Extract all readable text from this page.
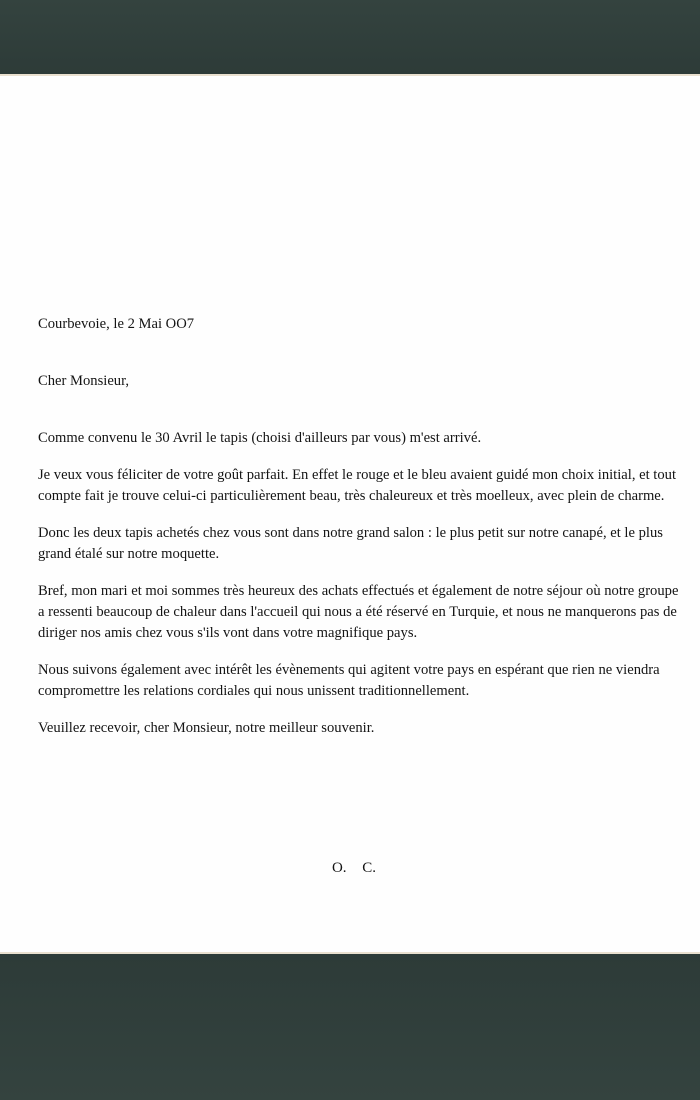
Courbevoie, le 2 Mai OO7

Cher Monsieur,

Comme convenu le 30 Avril le tapis (choisi d'ailleurs par vous) m'est arrivé.

Je veux vous féliciter de votre goût parfait. En effet le rouge et le bleu avaient guidé mon choix initial, et tout compte fait je trouve celui-ci particulièrement beau, très chaleureux et très moelleux, avec plein de charme.

Donc les deux tapis achetés chez vous sont dans notre grand salon : le plus petit sur notre canapé, et le plus grand étalé sur notre moquette.

Bref, mon mari et moi sommes très heureux des achats effectués et également de notre séjour où notre groupe a ressenti beaucoup de chaleur dans l'accueil qui nous a été réservé en Turquie, et nous ne manquerons pas de diriger nos amis chez vous s'ils vont dans votre magnifique pays.

Nous suivons également avec intérêt les évènements qui agitent votre pays en espérant que rien ne viendra compromettre les relations cordiales qui nous unissent traditionnellement.

Veuillez recevoir, cher Monsieur, notre meilleur souvenir.

O. C.
